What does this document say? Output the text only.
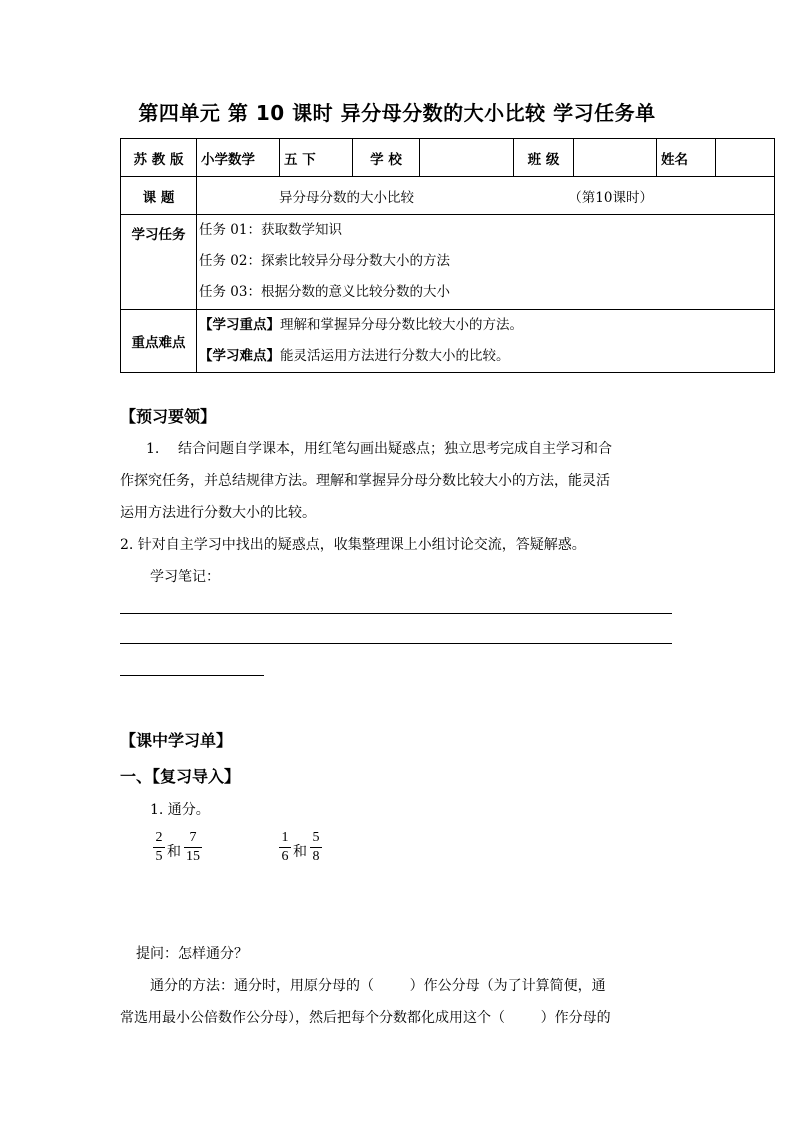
第四单元 第 10 课时 异分母分数的大小比较 学习任务单
苏 教 版	小学数学	五 下	学 校		班 级		姓名	
课 题	异分母分数的大小比较 （第10课时）							
学习任务	任务 01：获取数学知识
任务 02：探索比较异分母分数大小的方法
任务 03：根据分数的意义比较分数的大小							

重点难点	【学习重点】理解和掌握异分母分数比较大小的方法。
【学习难点】能灵活运用方法进行分数大小的比较。							
【预习要领】
1. 结合问题自学课本，用红笔勾画出疑惑点；独立思考完成自主学习和合
作探究任务，并总结规律方法。理解和掌握异分母分数比较大小的方法，能灵活
运用方法进行分数大小的比较。
2. 针对自主学习中找出的疑惑点，收集整理课上小组讨论交流，答疑解惑。
学习笔记：
【课中学习单】
一、【复习导入】
1. 通分。
2
5 和
7
15
1
6 和
5
8
提问：怎样通分？
通分的方法：通分时，用原分母的（        ）作公分母（为了计算简便，通
常选用最小公倍数作公分母），然后把每个分数都化成用这个（        ）作分母的
